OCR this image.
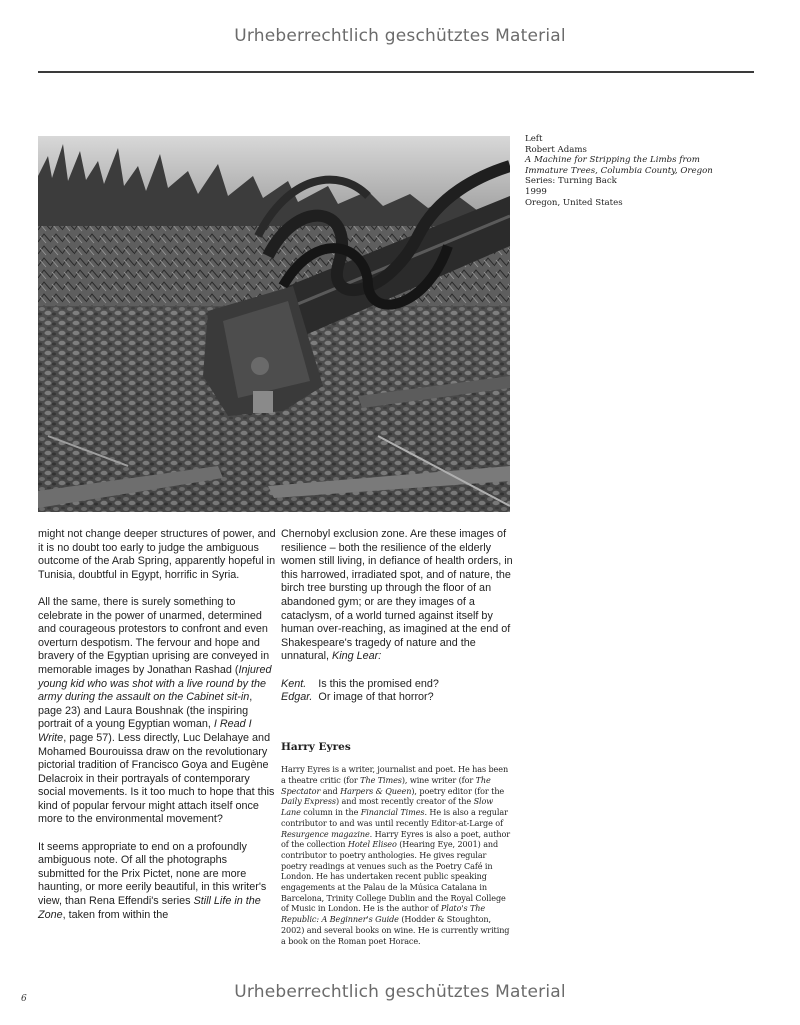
Urheberrechtlich geschütztes Material
Left
Robert Adams
A Machine for Stripping the Limbs from
Immature Trees, Columbia County, Oregon
Series: Turning Back
1999
Oregon, United States

might not change deeper structures of power, and it is no doubt too early to judge the ambiguous outcome of the Arab Spring, apparently hopeful in Tunisia, doubtful in Egypt, horrific in Syria.

All the same, there is surely something to celebrate in the power of unarmed, determined and courageous protestors to confront and even overturn despotism. The fervour and hope and bravery of the Egyptian uprising are conveyed in memorable images by Jonathan Rashad (Injured young kid who was shot with a live round by the army during the assault on the Cabinet sit-in, page 23) and Laura Boushnak (the inspiring portrait of a young Egyptian woman, I Read I Write, page 57). Less directly, Luc Delahaye and Mohamed Bourouissa draw on the revolutionary pictorial tradition of Francisco Goya and Eugène Delacroix in their portrayals of contemporary social movements. Is it too much to hope that this kind of popular fervour might attach itself once more to the environmental movement?

It seems appropriate to end on a profoundly ambiguous note. Of all the photographs submitted for the Prix Pictet, none are more haunting, or more eerily beautiful, in this writer's view, than Rena Effendi's series Still Life in the Zone, taken from within the

Chernobyl exclusion zone. Are these images of resilience – both the resilience of the elderly women still living, in defiance of health orders, in this harrowed, irradiated spot, and of nature, the birch tree bursting up through the floor of an abandoned gym; or are they images of a cataclysm, of a world turned against itself by human over-reaching, as imagined at the end of Shakespeare's tragedy of nature and the unnatural, King Lear:

Kent. Is this the promised end?
Edgar. Or image of that horror?
Harry Eyres
Harry Eyres is a writer, journalist and poet. He has been a theatre critic (for The Times), wine writer (for The Spectator and Harpers & Queen), poetry editor (for the Daily Express) and most recently creator of the Slow Lane column in the Financial Times. He is also a regular contributor to and was until recently Editor-at-Large of Resurgence magazine. Harry Eyres is also a poet, author of the collection Hotel Eliseo (Hearing Eye, 2001) and contributor to poetry anthologies. He gives regular poetry readings at venues such as the Poetry Café in London. He has undertaken recent public speaking engagements at the Palau de la Música Catalana in Barcelona, Trinity College Dublin and the Royal College of Music in London. He is the author of Plato's The Republic: A Beginner's Guide (Hodder & Stoughton, 2002) and several books on wine. He is currently writing a book on the Roman poet Horace.
6	Urheberrechtlich geschütztes Material
